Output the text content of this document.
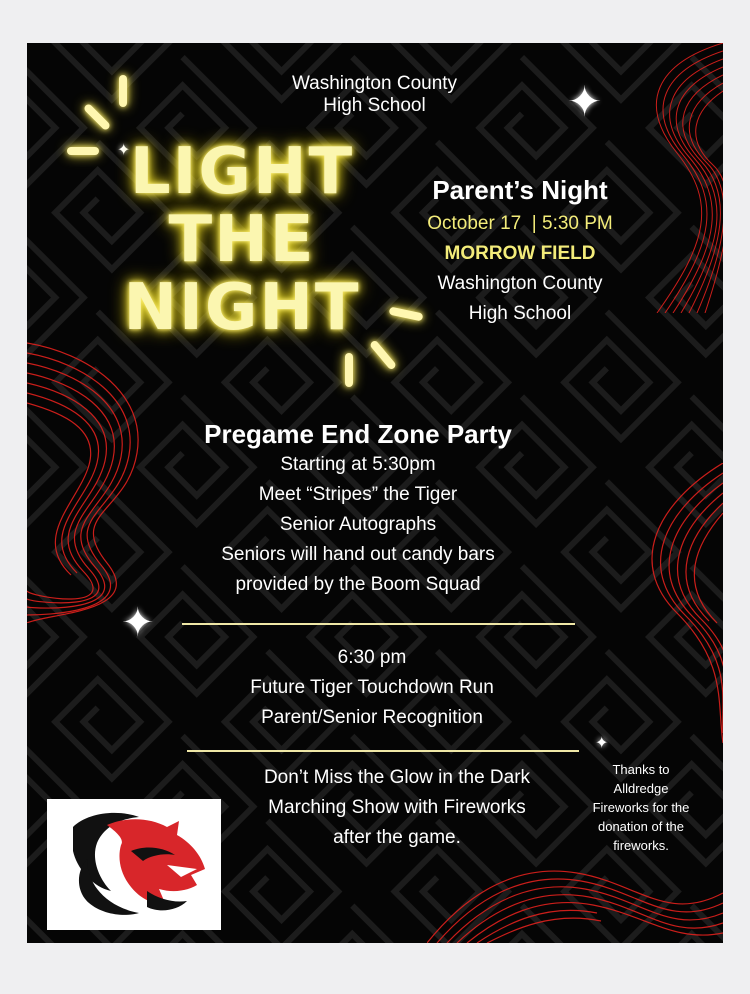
✦
✦
✦
✦
Washington County
High School
LIGHT
THE
NIGHT
Parent’s Night
October 17  | 5:30 PM
MORROW FIELD
Washington County
High School
Pregame End Zone Party
Starting at 5:30pm
Meet “Stripes” the Tiger
Senior Autographs
Seniors will hand out candy bars
provided by the Boom Squad
6:30 pm
Future Tiger Touchdown Run
Parent/Senior Recognition
Don’t Miss the Glow in the Dark
Marching Show with Fireworks
after the game.
Thanks to
Alldredge
Fireworks for the
donation of the
fireworks.
